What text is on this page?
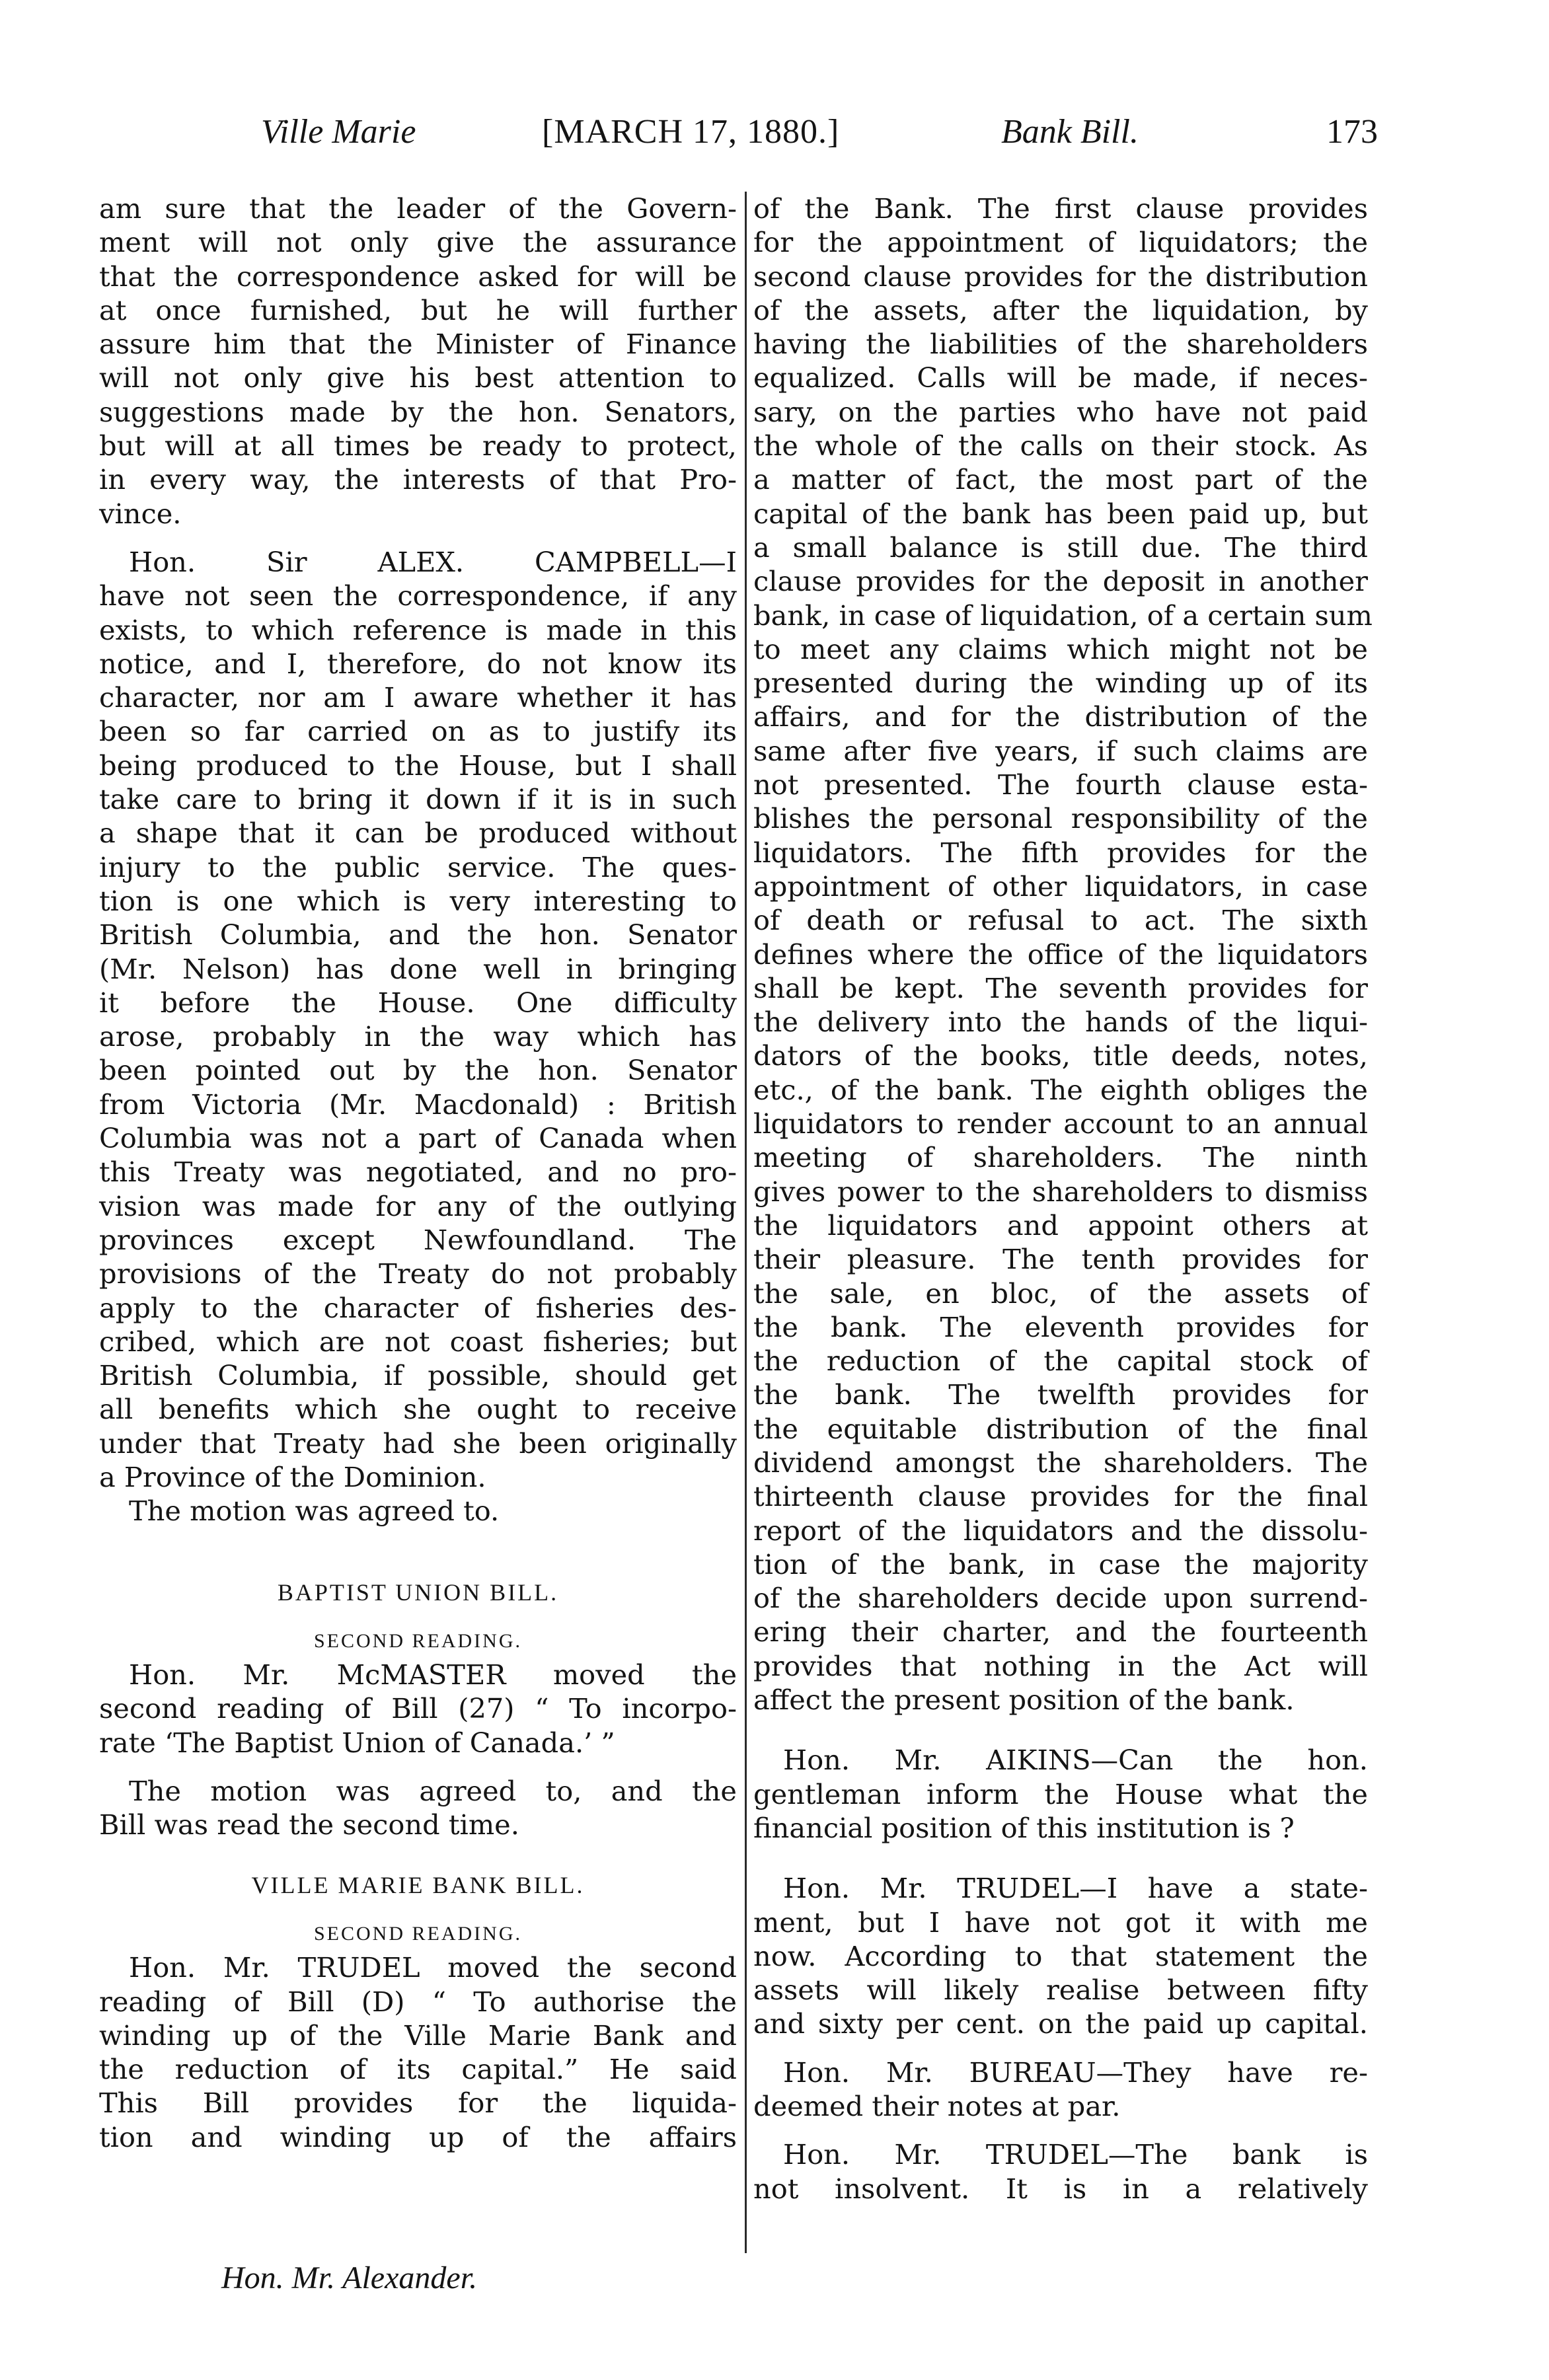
Ville Marie	[MARCH 17, 1880.]	Bank Bill.	173
am sure that the leader of the Govern-
ment will not only give the assurance
that the correspondence asked for will be
at once furnished, but he will further
assure him that the Minister of Finance
will not only give his best attention to
suggestions made by the hon. Senators,
but will at all times be ready to protect,
in every way, the interests of that Pro-
vince.
Hon. Sir ALEX. CAMPBELL—I
have not seen the correspondence, if any
exists, to which reference is made in this
notice, and I, therefore, do not know its
character, nor am I aware whether it has
been so far carried on as to justify its
being produced to the House, but I shall
take care to bring it down if it is in such
a shape that it can be produced without
injury to the public service. The ques-
tion is one which is very interesting to
British Columbia, and the hon. Senator
(Mr. Nelson) has done well in bringing
it before the House. One difficulty
arose, probably in the way which has
been pointed out by the hon. Senator
from Victoria (Mr. Macdonald) : British
Columbia was not a part of Canada when
this Treaty was negotiated, and no pro-
vision was made for any of the outlying
provinces except Newfoundland. The
provisions of the Treaty do not probably
apply to the character of fisheries des-
cribed, which are not coast fisheries; but
British Columbia, if possible, should get
all benefits which she ought to receive
under that Treaty had she been originally
a Province of the Dominion.
The motion was agreed to.
BAPTIST UNION BILL.
SECOND READING.
Hon. Mr. McMASTER moved the
second reading of Bill (27) “ To incorpo-
rate ‘The Baptist Union of Canada.’ ”
The motion was agreed to, and the
Bill was read the second time.
VILLE MARIE BANK BILL.
SECOND READING.
Hon. Mr. TRUDEL moved the second
reading of Bill (D) “ To authorise the
winding up of the Ville Marie Bank and
the reduction of its capital.” He said
This Bill provides for the liquida-
tion and winding up of the affairs
of the Bank. The first clause provides
for the appointment of liquidators; the
second clause provides for the distribution
of the assets, after the liquidation, by
having the liabilities of the shareholders
equalized. Calls will be made, if neces-
sary, on the parties who have not paid
the whole of the calls on their stock. As
a matter of fact, the most part of the
capital of the bank has been paid up, but
a small balance is still due. The third
clause provides for the deposit in another
bank, in case of liquidation, of a certain sum
to meet any claims which might not be
presented during the winding up of its
affairs, and for the distribution of the
same after five years, if such claims are
not presented. The fourth clause esta-
blishes the personal responsibility of the
liquidators. The fifth provides for the
appointment of other liquidators, in case
of death or refusal to act. The sixth
defines where the office of the liquidators
shall be kept. The seventh provides for
the delivery into the hands of the liqui-
dators of the books, title deeds, notes,
etc., of the bank. The eighth obliges the
liquidators to render account to an annual
meeting of shareholders. The ninth
gives power to the shareholders to dismiss
the liquidators and appoint others at
their pleasure. The tenth provides for
the sale, en bloc, of the assets of
the bank. The eleventh provides for
the reduction of the capital stock of
the bank. The twelfth provides for
the equitable distribution of the final
dividend amongst the shareholders. The
thirteenth clause provides for the final
report of the liquidators and the dissolu-
tion of the bank, in case the majority
of the shareholders decide upon surrend-
ering their charter, and the fourteenth
provides that nothing in the Act will
affect the present position of the bank.
Hon. Mr. AIKINS—Can the hon.
gentleman inform the House what the
financial position of this institution is ?
Hon. Mr. TRUDEL—I have a state-
ment, but I have not got it with me
now. According to that statement the
assets will likely realise between fifty
and sixty per cent. on the paid up capital.
Hon. Mr. BUREAU—They have re-
deemed their notes at par.
Hon. Mr. TRUDEL—The bank is
not insolvent. It is in a relatively
Hon. Mr. Alexander.
